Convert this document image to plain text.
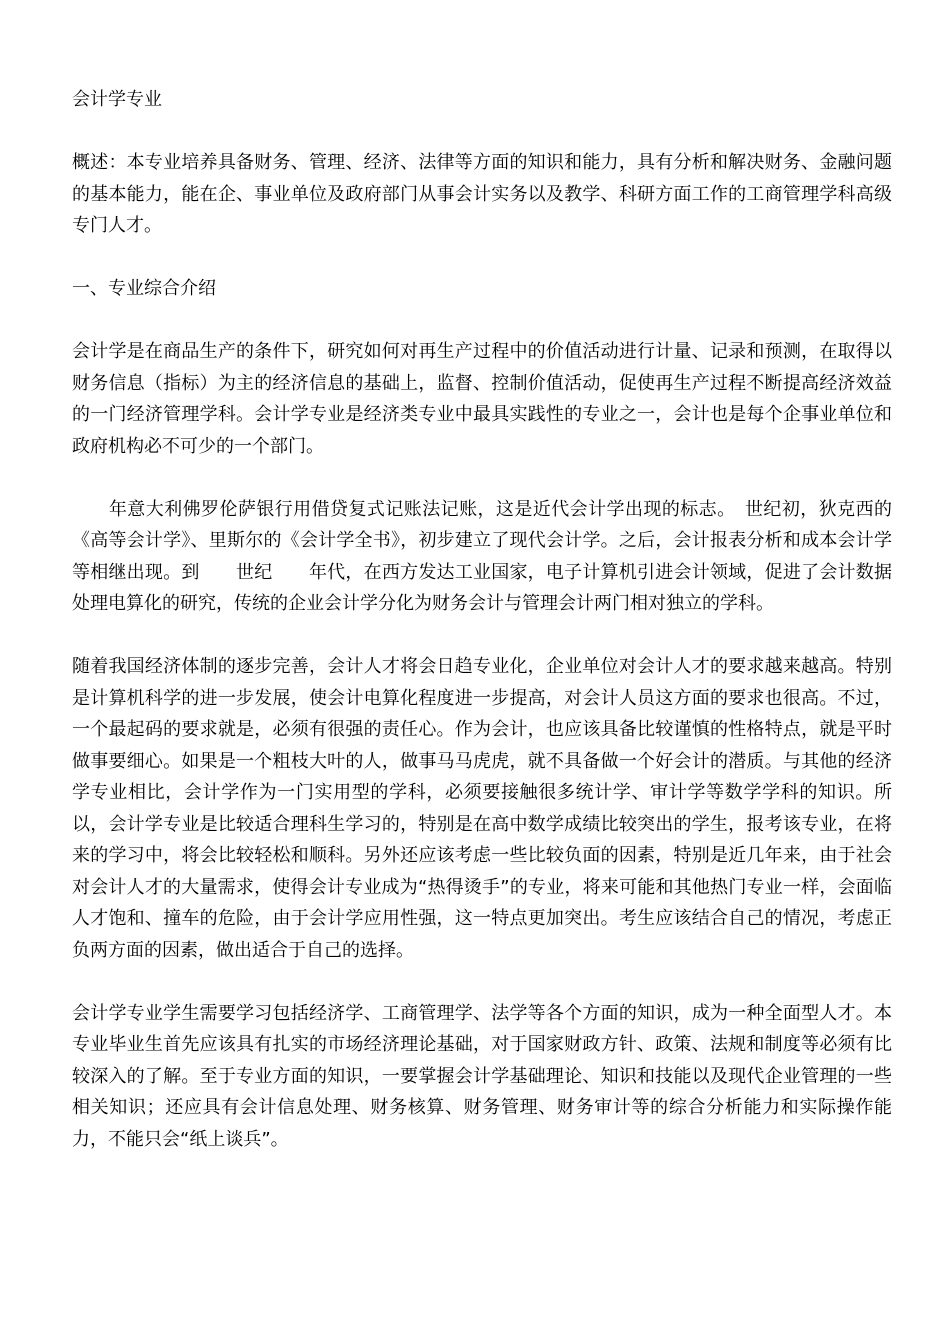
会计学专业

概述：本专业培养具备财务、管理、经济、法律等方面的知识和能力，具有分析和解决财务、金融问题的基本能力，能在企、事业单位及政府部门从事会计实务以及教学、科研方面工作的工商管理学科高级专门人才。

一、专业综合介绍

会计学是在商品生产的条件下，研究如何对再生产过程中的价值活动进行计量、记录和预测，在取得以财务信息（指标）为主的经济信息的基础上，监督、控制价值活动，促使再生产过程不断提高经济效益的一门经济管理学科。会计学专业是经济类专业中最具实践性的专业之一，会计也是每个企事业单位和政府机构必不可少的一个部门。

　　年意大利佛罗伦萨银行用借贷复式记账法记账，这是近代会计学出现的标志。　世纪初，狄克西的《高等会计学》、里斯尔的《会计学全书》，初步建立了现代会计学。之后，会计报表分析和成本会计学等相继出现。到　　世纪　　年代，在西方发达工业国家，电子计算机引进会计领域，促进了会计数据处理电算化的研究，传统的企业会计学分化为财务会计与管理会计两门相对独立的学科。

随着我国经济体制的逐步完善，会计人才将会日趋专业化，企业单位对会计人才的要求越来越高。特别是计算机科学的进一步发展，使会计电算化程度进一步提高，对会计人员这方面的要求也很高。不过，一个最起码的要求就是，必须有很强的责任心。作为会计，也应该具备比较谨慎的性格特点，就是平时做事要细心。如果是一个粗枝大叶的人，做事马马虎虎，就不具备做一个好会计的潜质。与其他的经济学专业相比，会计学作为一门实用型的学科，必须要接触很多统计学、审计学等数学学科的知识。所以，会计学专业是比较适合理科生学习的，特别是在高中数学成绩比较突出的学生，报考该专业，在将来的学习中，将会比较轻松和顺科。另外还应该考虑一些比较负面的因素，特别是近几年来，由于社会对会计人才的大量需求，使得会计专业成为“热得烫手”的专业，将来可能和其他热门专业一样，会面临人才饱和、撞车的危险，由于会计学应用性强，这一特点更加突出。考生应该结合自己的情况，考虑正负两方面的因素，做出适合于自己的选择。

会计学专业学生需要学习包括经济学、工商管理学、法学等各个方面的知识，成为一种全面型人才。本专业毕业生首先应该具有扎实的市场经济理论基础，对于国家财政方针、政策、法规和制度等必须有比较深入的了解。至于专业方面的知识，一要掌握会计学基础理论、知识和技能以及现代企业管理的一些相关知识；还应具有会计信息处理、财务核算、财务管理、财务审计等的综合分析能力和实际操作能力，不能只会“纸上谈兵”。
